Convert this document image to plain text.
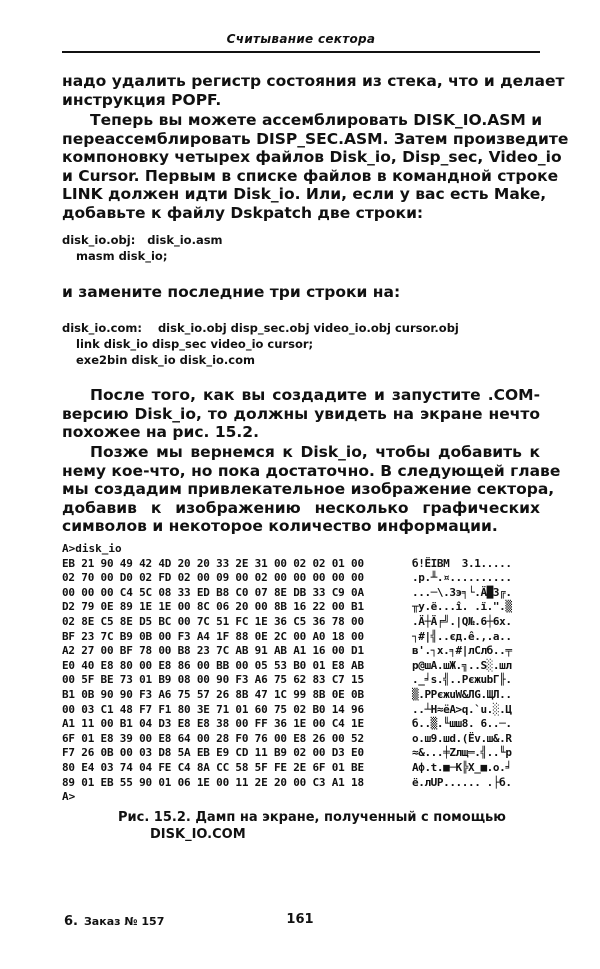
Считывание сектора

надо удалить регистр состояния из стека, что и делает
инструкция POPF.

Теперь вы можете ассемблировать DISK_IO.ASM и
переассемблировать DISP_SEC.ASM. Затем произведите
компоновку четырех файлов Disk_io, Disp_sec, Video_io
и Cursor. Первым в списке файлов в командной строке
LINK должен идти Disk_io. Или, если у вас есть Make,
добавьте к файлу Dskpatch две строки:

disk_io.obj:   disk_io.asm
masm disk_io;

и замените последние три строки на:

disk_io.com:    disk_io.obj disp_sec.obj video_io.obj cursor.obj
link disk_io disp_sec video_io cursor;
exe2bin disk_io disk_io.com

После того, как вы создадите и запустите .COM-
версию Disk_io, то должны увидеть на экране нечто
похожее на рис. 15.2.

Позже мы вернемся к Disk_io, чтобы добавить к
нему кое-что, но пока достаточно. В следующей главе
мы создадим привлекательное изображение сектора,
добавив к изображению несколько графических
символов и некоторое количество информации.

A>disk_io
EB 21 90 49 42 4D 20 20 33 2E 31 00 02 02 01 00	б!ЁIBM  3.1.....
02 70 00 D0 02 FD 02 00 09 00 02 00 00 00 00 00	.p.╨.¤..........
00 00 00 C4 5C 08 33 ED B8 C0 07 8E DB 33 C9 0A	...─\.3э╕└.Ä█3╔.
D2 79 0E 89 1E 1E 00 8C 06 20 00 8B 16 22 00 B1	╥y.ë...î. .ï.".▒
02 8E C5 8E D5 BC 00 7C 51 FC 1E 36 C5 36 78 00	.Ä┼Ä╒╝.|Q№.6┼6x.
BF 23 7C B9 0B 00 F3 A4 1F 88 0E 2C 00 A0 18 00	┐#|╣..єд.ê.,.а..
A2 27 00 BF 78 00 B8 23 7C AB 91 AB A1 16 00 D1	в'.┐x.╕#|лСлб..╤
E0 40 E8 80 00 E8 86 00 BB 00 05 53 B0 01 E8 AB	р@шА.шЖ.╗..S░.шл
00 5F BE 73 01 B9 08 00 90 F3 A6 75 62 83 C7 15	._╛s.╣..РєжubГ╟.
B1 0B 90 90 F3 A6 75 57 26 8B 47 1C 99 8B 0E 0B	▒.РРєжuW&ЛG.ЩЛ..
00 03 C1 48 F7 F1 80 3E 71 01 60 75 02 B0 14 96	..┴H≈ёА>q.`u.░.Ц
A1 11 00 B1 04 D3 E8 E8 38 00 FF 36 1E 00 C4 1E	б..▒.╙шш8. 6..─.
6F 01 E8 39 00 E8 64 00 28 F0 76 00 E8 26 00 52	o.ш9.шd.(Ёv.ш&.R
F7 26 0B 00 03 D8 5A EB E9 CD 11 B9 02 00 D3 E0	≈&...╪Zлщ═.╣..╙р
80 E4 03 74 04 FE C4 8A CC 58 5F FE 2E 6F 01 BE	Аф.t.■─К╠X_■.o.╛
89 01 EB 55 90 01 06 1E 00 11 2E 20 00 C3 A1 18	ë.лUР...... .├б.
A>
Рис. 15.2. Дамп на экране, полученный с помощью
DISK_IO.COM
6. Заказ № 157	161
